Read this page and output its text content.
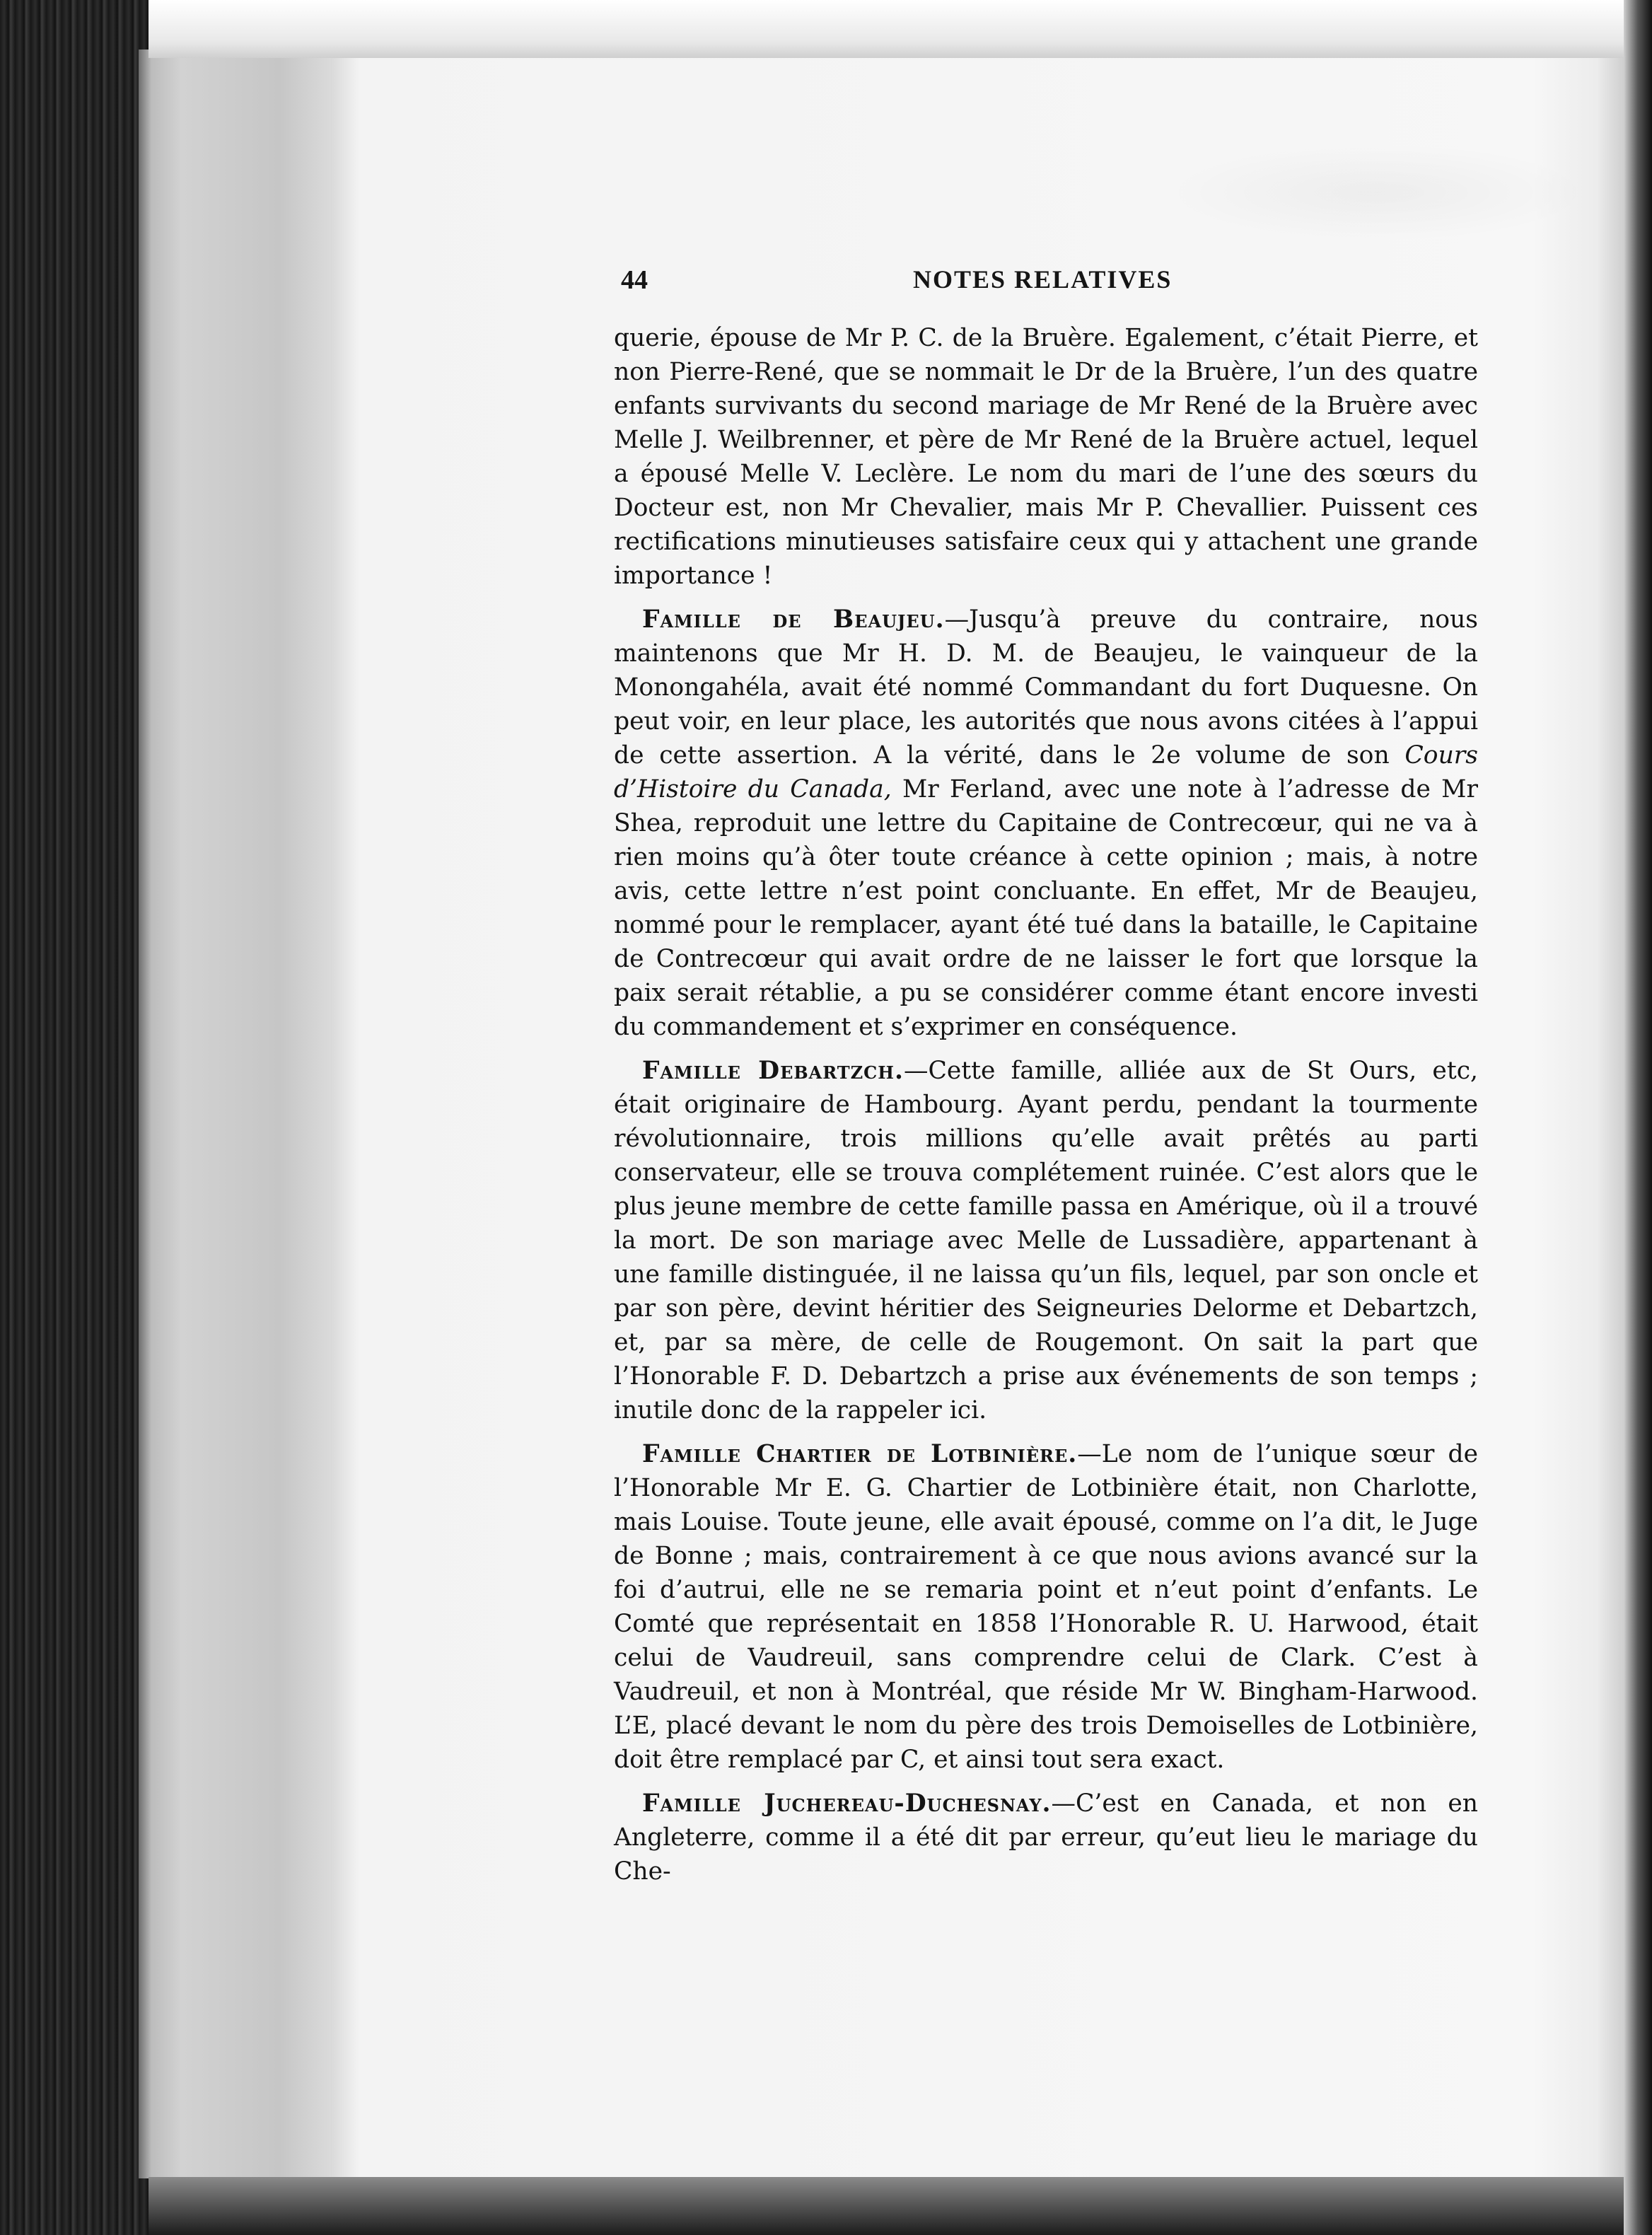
44	NOTES RELATIVES

querie, épouse de Mr P. C. de la Bruère. Egalement, c’était Pierre, et non Pierre-René, que se nommait le Dr de la Bruère, l’un des quatre enfants survivants du second mariage de Mr René de la Bruère avec Melle J. Weilbrenner, et père de Mr René de la Bruère actuel, lequel a épousé Melle V. Leclère. Le nom du mari de l’une des sœurs du Docteur est, non Mr Chevalier, mais Mr P. Chevallier. Puissent ces rectifications minutieuses satisfaire ceux qui y attachent une grande importance !

Famille de Beaujeu.—Jusqu’à preuve du contraire, nous maintenons que Mr H. D. M. de Beaujeu, le vainqueur de la Monongahéla, avait été nommé Commandant du fort Duquesne. On peut voir, en leur place, les autorités que nous avons citées à l’appui de cette assertion. A la vérité, dans le 2e volume de son Cours d’Histoire du Canada, Mr Ferland, avec une note à l’adresse de Mr Shea, reproduit une lettre du Capitaine de Contrecœur, qui ne va à rien moins qu’à ôter toute créance à cette opinion ; mais, à notre avis, cette lettre n’est point concluante. En effet, Mr de Beaujeu, nommé pour le remplacer, ayant été tué dans la bataille, le Capitaine de Contrecœur qui avait ordre de ne laisser le fort que lorsque la paix serait rétablie, a pu se considérer comme étant encore investi du commandement et s’exprimer en conséquence.

Famille Debartzch.—Cette famille, alliée aux de St Ours, etc, était originaire de Hambourg. Ayant perdu, pendant la tourmente révolutionnaire, trois millions qu’elle avait prêtés au parti conservateur, elle se trouva complétement ruinée. C’est alors que le plus jeune membre de cette famille passa en Amérique, où il a trouvé la mort. De son mariage avec Melle de Lussadière, appartenant à une famille distinguée, il ne laissa qu’un fils, lequel, par son oncle et par son père, devint héritier des Seigneuries Delorme et Debartzch, et, par sa mère, de celle de Rougemont. On sait la part que l’Honorable F. D. Debartzch a prise aux événements de son temps ; inutile donc de la rappeler ici.

Famille Chartier de Lotbinière.—Le nom de l’unique sœur de l’Honorable Mr E. G. Chartier de Lotbinière était, non Charlotte, mais Louise. Toute jeune, elle avait épousé, comme on l’a dit, le Juge de Bonne ; mais, contrairement à ce que nous avions avancé sur la foi d’autrui, elle ne se remaria point et n’eut point d’enfants. Le Comté que représentait en 1858 l’Honorable R. U. Harwood, était celui de Vaudreuil, sans comprendre celui de Clark. C’est à Vaudreuil, et non à Montréal, que réside Mr W. Bingham-Harwood. L’E, placé devant le nom du père des trois Demoiselles de Lotbinière, doit être remplacé par C, et ainsi tout sera exact.

Famille Juchereau-Duchesnay.—C’est en Canada, et non en Angleterre, comme il a été dit par erreur, qu’eut lieu le mariage du Che-
